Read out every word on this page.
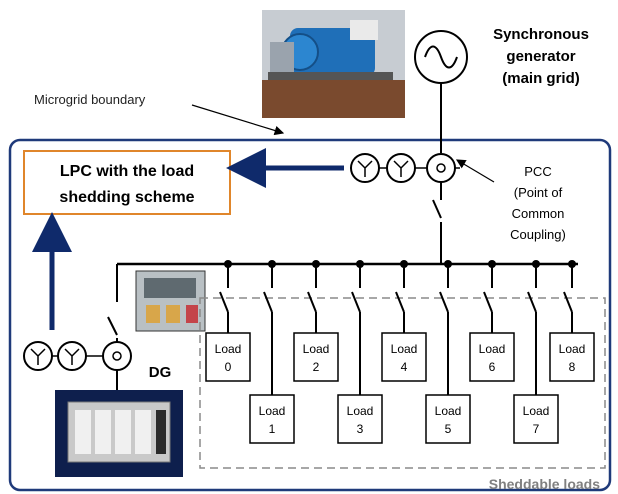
Microgrid boundary
Synchronous
generator
(main grid)
PCC
(Point of
Common
Coupling)
LPC with the load
shedding scheme
DG
Sheddable loads
Load
0
Load
1
Load
2
Load
3
Load
4
Load
5
Load
6
Load
7
Load
8
